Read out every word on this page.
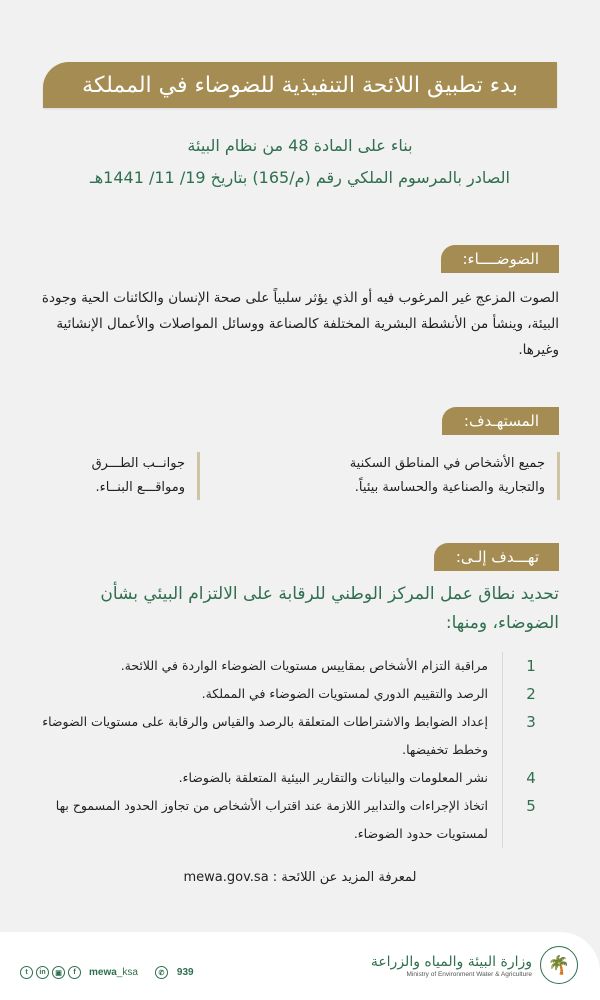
بدء تطبيق اللائحة التنفيذية للضوضاء في المملكة
بناء على المادة 48 من نظام البيئة
الصادر بالمرسوم الملكي رقم (م/165) بتاريخ 19/ 11/ 1441هـ
الضوضــــاء:
الصوت المزعج غير المرغوب فيه أو الذي يؤثر سلبياً على صحة الإنسان والكائنات الحية وجودة البيئة، وينشأ من الأنشطة البشرية المختلفة كالصناعة ووسائل المواصلات والأعمال الإنشائية وغيرها.
المستهـدف:
جميع الأشخاص في المناطق السكنية والتجارية والصناعية والحساسة بيئياً.
جوانــب الطـــرق ومواقـــع البنــاء.
تهـــدف إلـى:
تحديد نطاق عمل المركز الوطني للرقابة على الالتزام البيئي بشأن الضوضاء، ومنها:
1
مراقبة التزام الأشخاص بمقاييس مستويات الضوضاء الواردة في اللائحة.
2
الرصد والتقييم الدوري لمستويات الضوضاء في المملكة.
3
إعداد الضوابط والاشتراطات المتعلقة بالرصد والقياس والرقابة على مستويات الضوضاء وخطط تخفيضها.
4
نشر المعلومات والبيانات والتقارير البيئية المتعلقة بالضوضاء.
5
اتخاذ الإجراءات والتدابير اللازمة عند اقتراب الأشخاص من تجاوز الحدود المسموح بها لمستويات حدود الضوضاء.
لمعرفة المزيد عن اللائحة : mewa.gov.sa
🌴
وزارة البيئة والمياه والزراعة
Ministry of Environment Water & Agriculture
t	in	▣	f	mewa_ksa	✆	939
